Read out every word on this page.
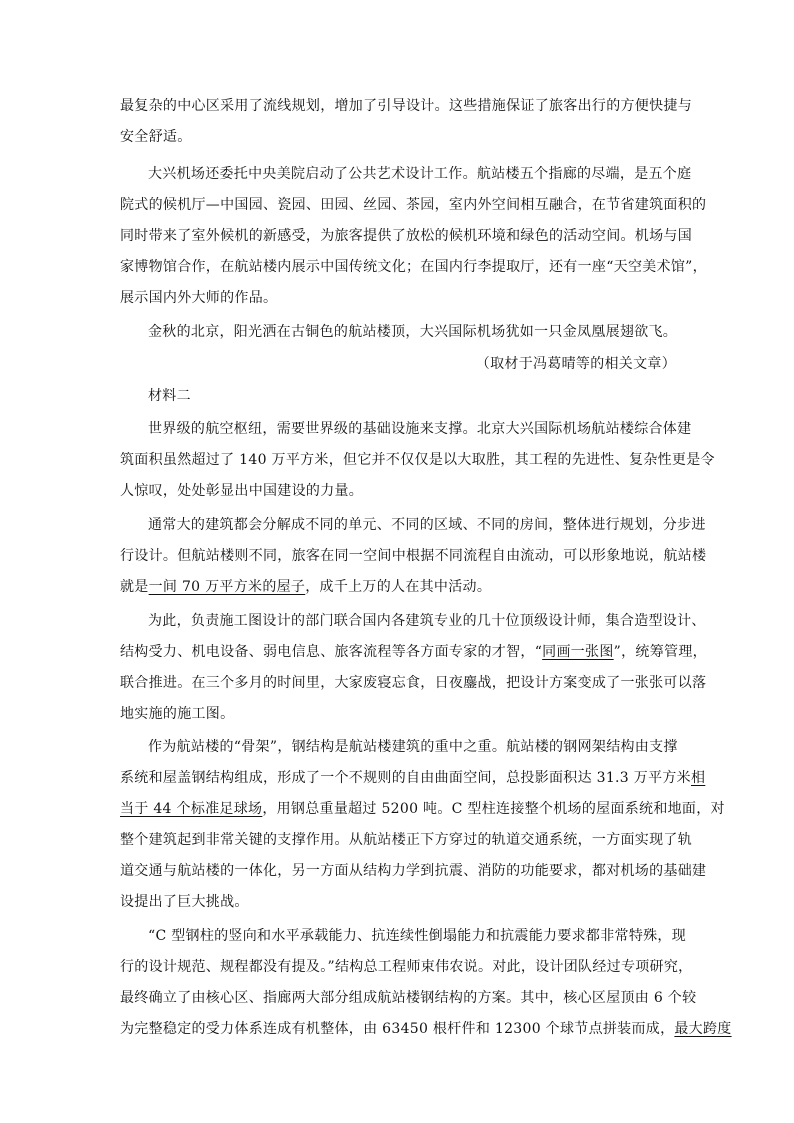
最复杂的中心区采用了流线规划，增加了引导设计。这些措施保证了旅客出行的方便快捷与
安全舒适。
大兴机场还委托中央美院启动了公共艺术设计工作。航站楼五个指廊的尽端，是五个庭
院式的候机厅—中国园、瓷园、田园、丝园、茶园，室内外空间相互融合，在节省建筑面积的
同时带来了室外候机的新感受，为旅客提供了放松的候机环境和绿色的活动空间。机场与国
家博物馆合作，在航站楼内展示中国传统文化；在国内行李提取厅，还有一座“天空美术馆”，
展示国内外大师的作品。
金秋的北京，阳光洒在古铜色的航站楼顶，大兴国际机场犹如一只金凤凰展翅欲飞。
（取材于冯葛晴等的相关文章）
材料二
世界级的航空枢纽，需要世界级的基础设施来支撑。北京大兴国际机场航站楼综合体建
筑面积虽然超过了 140 万平方米，但它并不仅仅是以大取胜，其工程的先进性、复杂性更是令
人惊叹，处处彰显出中国建设的力量。
通常大的建筑都会分解成不同的单元、不同的区域、不同的房间，整体进行规划，分步进
行设计。但航站楼则不同，旅客在同一空间中根据不同流程自由流动，可以形象地说，航站楼
就是一间 70 万平方米的屋子，成千上万的人在其中活动。
为此，负责施工图设计的部门联合国内各建筑专业的几十位顶级设计师，集合造型设计、
结构受力、机电设备、弱电信息、旅客流程等各方面专家的才智，“同画一张图”，统筹管理，
联合推进。在三个多月的时间里，大家废寝忘食，日夜鏖战，把设计方案变成了一张张可以落
地实施的施工图。
作为航站楼的“骨架”，钢结构是航站楼建筑的重中之重。航站楼的钢网架结构由支撑
系统和屋盖钢结构组成，形成了一个不规则的自由曲面空间，总投影面积达 31.3 万平方米相
当于 44 个标准足球场，用钢总重量超过 5200 吨。C 型柱连接整个机场的屋面系统和地面，对
整个建筑起到非常关键的支撑作用。从航站楼正下方穿过的轨道交通系统，一方面实现了轨
道交通与航站楼的一体化，另一方面从结构力学到抗震、消防的功能要求，都对机场的基础建
设提出了巨大挑战。
“C 型钢柱的竖向和水平承载能力、抗连续性倒塌能力和抗震能力要求都非常特殊，现
行的设计规范、规程都没有提及。”结构总工程师束伟农说。对此，设计团队经过专项研究，
最终确立了由核心区、指廊两大部分组成航站楼钢结构的方案。其中，核心区屋顶由 6 个较
为完整稳定的受力体系连成有机整体，由 63450 根杆件和 12300 个球节点拼装而成，最大跨度
